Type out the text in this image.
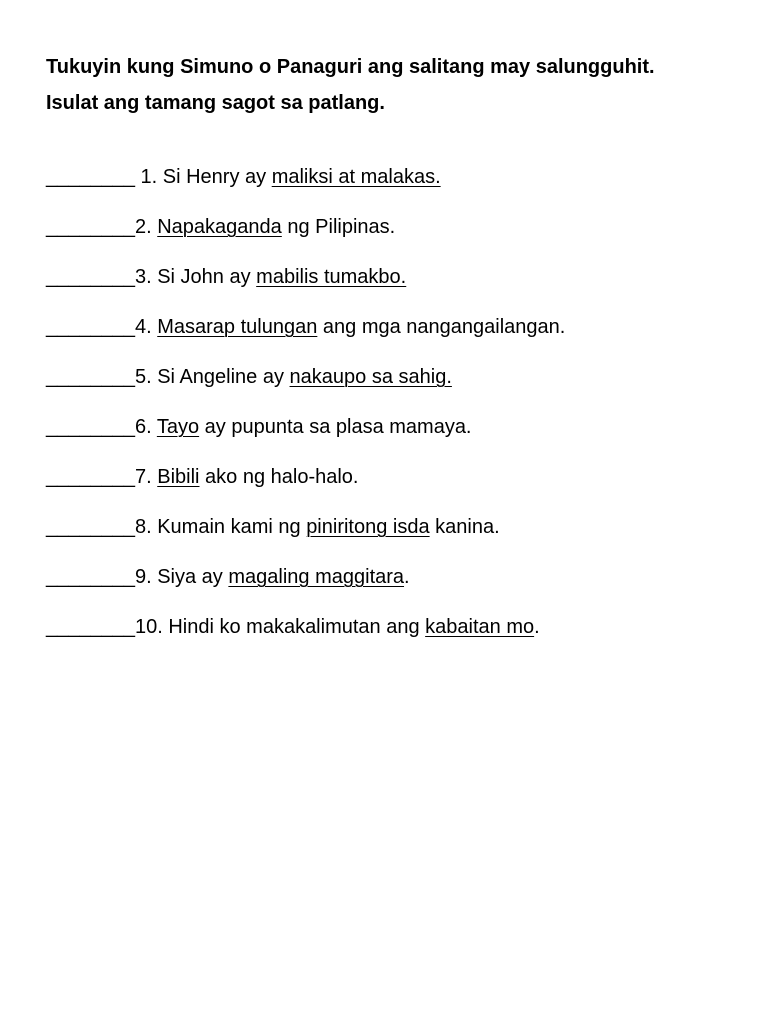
Tukuyin kung Simuno o Panaguri ang salitang may salungguhit.
Isulat ang tamang sagot sa patlang.
________ 1. Si Henry ay maliksi at malakas.
________2. Napakaganda ng Pilipinas.
________3. Si John ay mabilis tumakbo.
________4. Masarap tulungan ang mga nangangailangan.
________5. Si Angeline ay nakaupo sa sahig.
________6. Tayo ay pupunta sa plasa mamaya.
________7. Bibili ako ng halo-halo.
________8. Kumain kami ng piniritong isda kanina.
________9. Siya ay magaling maggitara.
________10. Hindi ko makakalimutan ang kabaitan mo.
